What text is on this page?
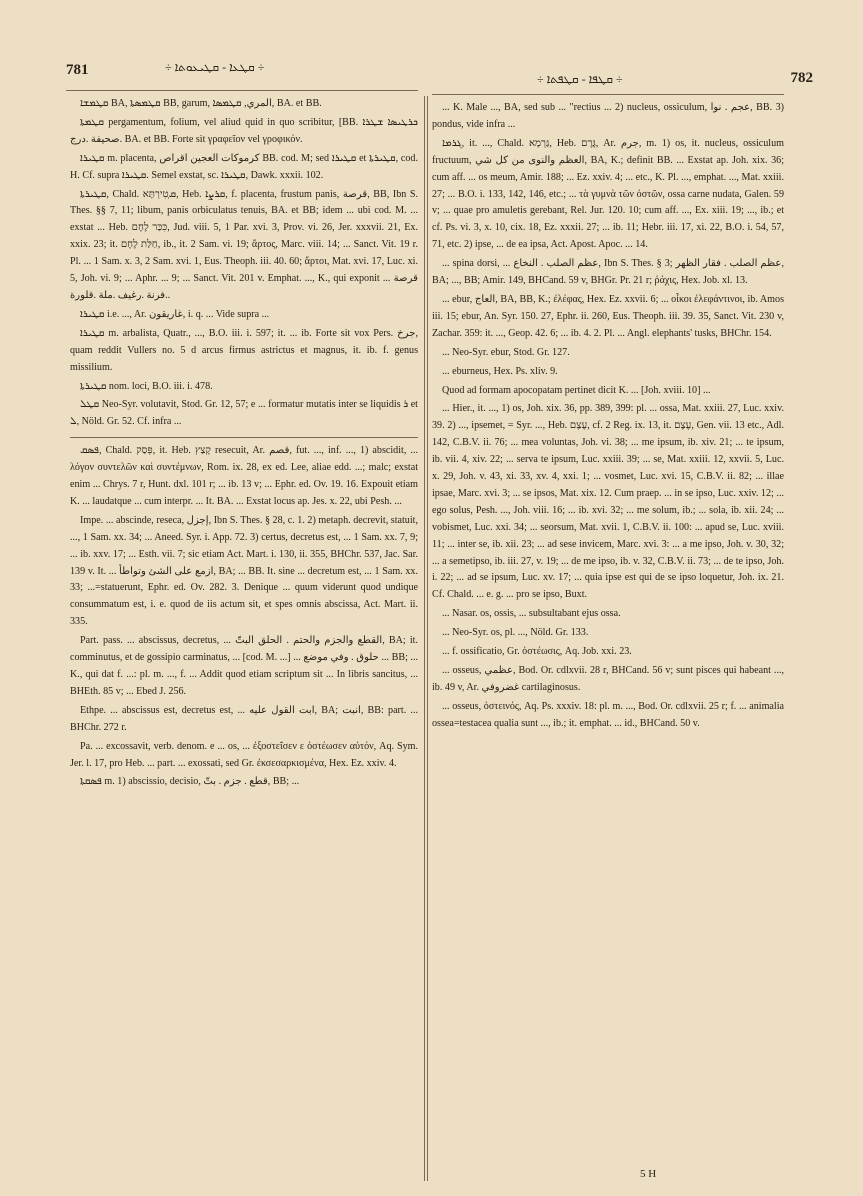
781	÷ ܩܛܥܐ - ܩܛܝܥܘܬܐ ÷
÷ ܩܛܦܐ - ܩܛܦܬܐ ÷	782

ܩܛܡܫܐ BA, ܩܛܡܣܬܐ BB, garum, المري, ܩܛܡܣܐ, BA. et BB.

ܩܛܡܬܐ pergamentum, folium, vel aliud quid in quo scribitur, [BB. ܟܪܛܝܣܐ ܫܛܪܐ .صحيفة .درج BA. et BB. Forte sit γραφεῖον vel γροφικόν.

ܩܛܝܪܐ m. placenta, كرموكات العجين اقراص BB. cod. M; sed ܩܛܝܪܐ et ܩܛܝܪܬܐ, cod. H. Cf. supra ܩܛܝܪܐ. Semel exstat, sc. ܩܛܝܪܐ, Dawk. xxxii. 102.

ܩܛܝܪܬܐ, Chald. ܩְטִירְתָּא, Heb. ܩܪܨܐ, f. placenta, frustum panis, قرصة, BB, Ibn S. Thes. §§ 7, 11; libum, panis orbiculatus tenuis, BA. et BB; idem ... ubi cod. M. ... exstat ... Heb. כִּכַּר לֶחֶם, Jud. viii. 5, 1 Par. xvi. 3, Prov. vi. 26, Jer. xxxvii. 21, Ex. xxix. 23; it. חַלַּת לֶחֶם, ib., it. 2 Sam. vi. 19; ἄρτος, Marc. viii. 14; ... Sanct. Vit. 19 r. Pl. ... 1 Sam. x. 3, 2 Sam. xvi. 1, Eus. Theoph. iii. 40. 60; ἄρτοι, Mat. xvi. 17, Luc. xi. 5, Joh. vi. 9; ... Aphr. ... 9; ... Sanct. Vit. 201 v. Emphat. ..., K., qui exponit ... قرصة .فرنة .رغيف .ملة .قلورة.

ܩܛܝܪܐ i.e. ..., Ar. غاريقون, i. q. ... Vide supra ...

ܩܛܝܪܐ m. arbalista, Quatr., ..., B.O. iii. i. 597; it. ... ib. Forte sit vox Pers. جرخ, quam reddit Vullers no. 5 d arcus firmus astrictus et magnus, it. ib. f. genus missilium.

ܩܛܝܪܬܐ nom. loci, B.O. iii. i. 478.

ܩܛܠ Neo-Syr. volutavit, Stod. Gr. 12, 57; e ... formatur mutatis inter se liquidis ܪ et ܠ, Nöld. Gr. 52. Cf. infra ...

ܦܣܩ, Chald. פְּסַק, it. Heb. קָצַץ resecuit, Ar. قصم, fut. ..., inf. ..., 1) abscidit, ... λόγον συντελῶν καὶ συντέμνων, Rom. ix. 28, ex ed. Lee, aliae edd. ...; malc; exstat enim ... Chrys. 7 r, Hunt. dxl. 101 r; ... ib. 13 v; ... Ephr. ed. Ov. 19. 16. Expouit etiam K. ... laudatque ... cum interpr. ... It. BA. ... Exstat locus ap. Jes. x. 22, ubi Pesh. ...

Impe. ... abscinde, reseca, إجزل, Ibn S. Thes. § 28, c. 1. 2) metaph. decrevit, statuit, ..., 1 Sam. xx. 34; ... Aneed. Syr. i. App. 72. 3) certus, decretus est, ... 1 Sam. xx. 7, 9; ... ib. xxv. 17; ... Esth. vii. 7; sic etiam Act. Mart. i. 130, ii. 355, BHChr. 537, Jac. Sar. 139 v. It. ... ازمع على الشئ وتواطأ, BA; ... BB. It. sine ... decretum est, ... 1 Sam. xx. 33; ...=statuerunt, Ephr. ed. Ov. 282. 3. Denique ... quum viderunt quod undique consummatum est, i. e. quod de iis actum sit, et spes omnis abscissa, Act. Mart. ii. 335.

Part. pass. ... abscissus, decretus, ... القطع والجزم والحتم . الحلق البتّ, BA; it. comminutus, et de gossipio carminatus, ... [cod. M. ...] ... حلوق . وفي موضع ... BB; ... K., qui dat f. ...: pl. m. ..., f. ... Addit quod etiam scriptum sit ... In libris sancitus, ... BHEth. 85 v; ... Ebed J. 256.

Ethpe. ... abscissus est, decretus est, ... ابت القول عليه, BA; انبت, BB: part. ... BHChr. 272 r.

Pa. ... excossavit, verb. denom. e ... os, ... ἐξοστεΐσεν ε ὀστέωσεν αὐτόν, Aq. Sym. Jer. l. 17, pro Heb. ... part. ... exossati, sed Gr. ἐκσεσαρκισμένα, Hex. Ez. xxiv. 4.

ܦܣܩܬܐ m. 1) abscissio, decisio, قطع . جزم . بتّ, BB; ...

... K. Male ..., BA, sed sub ... "rectius ... 2) nucleus, ossiculum, عجم . نوا, BB. 3) pondus, vide infra ...

ܓܪܡܐ, it. ..., Chald. גַּרְמָא, Heb. גֶּרֶם, Ar. جرم, m. 1) os, it. nucleus, ossiculum fructuum, العظم والنوى من كل شي, BA, K.; definit BB. ... Exstat ap. Joh. xix. 36; cum aff. ... os meum, Amir. 188; ... Ez. xxiv. 4; ... etc., K. Pl. ..., emphat. ..., Mat. xxiii. 27; ... B.O. i. 133, 142, 146, etc.; ... τὰ γυμνὰ τῶν ὀστῶν, ossa carne nudata, Galen. 59 v; ... quae pro amuletis gerebant, Rel. Jur. 120. 10; cum aff. ..., Ex. xiii. 19; ..., ib.; et cf. Ps. vi. 3, x. 10, cix. 18, Ez. xxxii. 27; ... ib. 11; Hebr. iii. 17, xi. 22, B.O. i. 54, 57, 71, etc. 2) ipse, ... de ea ipsa, Act. Apost. Apoc. ... 14.

... spina dorsi, ... عظم الصلب . النخاع, Ibn S. Thes. § 3; عظم الصلب . فقار الظهر, BA; ..., BB; Amir. 149, BHCand. 59 v, BHGr. Pr. 21 r; ῥάχις, Hex. Job. xl. 13.

... ebur, العاج, BA, BB, K.; ἐλέφας, Hex. Ez. xxvii. 6; ... οἶκοι ἐλεφάντινοι, ib. Amos iii. 15; ebur, An. Syr. 150. 27, Ephr. ii. 260, Eus. Theoph. iii. 39. 35, Sanct. Vit. 230 v, Zachar. 359: it. ..., Geop. 42. 6; ... ib. 4. 2. Pl. ... Angl. elephants' tusks, BHChr. 154.

... Neo-Syr. ebur, Stod. Gr. 127.

... eburneus, Hex. Ps. xliv. 9.

Quod ad formam apocopatam pertinet dicit K. ... [Joh. xviii. 10] ...

... Hier., it. ..., 1) os, Joh. xix. 36, pp. 389, 399: pl. ... ossa, Mat. xxiii. 27, Luc. xxiv. 39. 2) ..., ipsemet, = Syr. ..., Heb. עֶצֶם, cf. 2 Reg. ix. 13, it. עֶצֶם, Gen. vii. 13 etc., Adl. 142, C.B.V. ii. 76; ... mea voluntas, Joh. vi. 38; ... me ipsum, ib. xiv. 21; ... te ipsum, ib. vii. 4, xiv. 22; ... serva te ipsum, Luc. xxiii. 39; ... se, Mat. xxiii. 12, xxvii. 5, Luc. x. 29, Joh. v. 43, xi. 33, xv. 4, xxi. 1; ... vosmet, Luc. xvi. 15, C.B.V. ii. 82; ... illae ipsae, Marc. xvi. 3; ... se ipsos, Mat. xix. 12. Cum praep. ... in se ipso, Luc. xxiv. 12; ... ego solus, Pesh. ..., Joh. viii. 16; ... ib. xvi. 32; ... me solum, ib.; ... sola, ib. xii. 24; ... vobismet, Luc. xxi. 34; ... seorsum, Mat. xvii. 1, C.B.V. ii. 100: ... apud se, Luc. xviii. 11; ... inter se, ib. xii. 23; ... ad sese invicem, Marc. xvi. 3: ... a me ipso, Joh. v. 30, 32; ... a semetipso, ib. iii. 27, v. 19; ... de me ipso, ib. v. 32, C.B.V. ii. 73; ... de te ipso, Joh. i. 22; ... ad se ipsum, Luc. xv. 17; ... quia ipse est qui de se ipso loquetur, Joh. ix. 21. Cf. Chald. ... e. g. ... pro se ipso, Buxt.

... Nasar. os, ossis, ... subsultabant ejus ossa.

... Neo-Syr. os, pl. ..., Nöld. Gr. 133.

... f. ossificatio, Gr. ὀστέωσις, Aq. Job. xxi. 23.

... osseus, عظمي, Bod. Or. cdlxvii. 28 r, BHCand. 56 v; sunt pisces qui habeant ..., ib. 49 v, Ar. غضروفي cartilaginosus.

... osseus, ὀστεινός, Aq. Ps. xxxiv. 18: pl. m. ..., Bod. Or. cdlxvii. 25 r; f. ... animalia ossea=testacea qualia sunt ..., ib.; it. emphat. ... id., BHCand. 50 v.

5 H
